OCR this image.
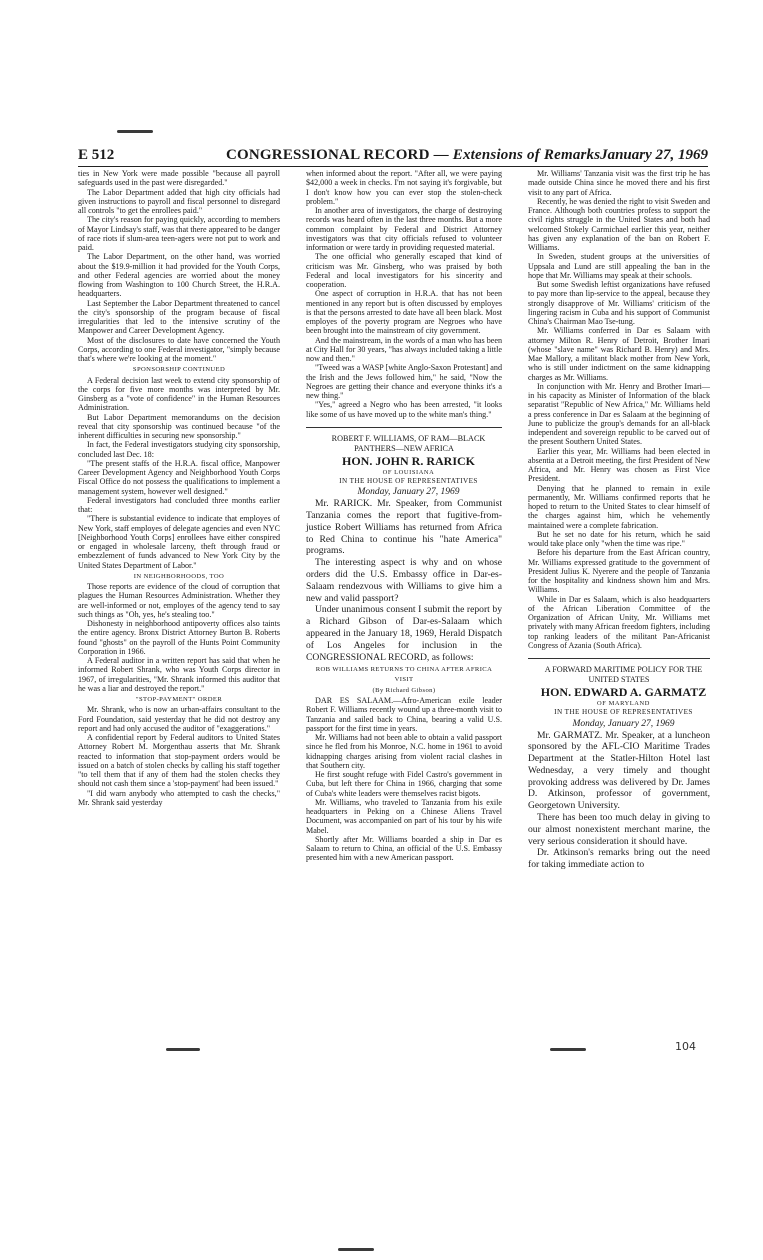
E 512	CONGRESSIONAL RECORD — Extensions of Remarks January 27, 1969

ties in New York were made possible "because all payroll safeguards used in the past were disregarded."

The Labor Department added that high city officials had given instructions to payroll and fiscal personnel to disregard all controls "to get the enrollees paid."

The city's reason for paying quickly, according to members of Mayor Lindsay's staff, was that there appeared to be danger of race riots if slum-area teen-agers were not put to work and paid.

The Labor Department, on the other hand, was worried about the $19.9-million it had provided for the Youth Corps, and other Federal agencies are worried about the money flowing from Washington to 100 Church Street, the H.R.A. headquarters.

Last September the Labor Department threatened to cancel the city's sponsorship of the program because of fiscal irregularities that led to the intensive scrutiny of the Manpower and Career Development Agency.

Most of the disclosures to date have concerned the Youth Corps, according to one Federal investigator, "simply because that's where we're looking at the moment."

SPONSORSHIP CONTINUED

A Federal decision last week to extend city sponsorship of the corps for five more months was interpreted by Mr. Ginsberg as a "vote of confidence" in the Human Resources Administration.

But Labor Department memorandums on the decision reveal that city sponsorship was continued because "of the inherent difficulties in securing new sponsorship."

In fact, the Federal investigators studying city sponsorship, concluded last Dec. 18:

"The present staffs of the H.R.A. fiscal office, Manpower Career Development Agency and Neighborhood Youth Corps Fiscal Office do not possess the qualifications to implement a management system, however well designed."

Federal investigators had concluded three months earlier that:

"There is substantial evidence to indicate that employes of New York, staff employes of delegate agencies and even NYC [Neighborhood Youth Corps] enrollees have either conspired or engaged in wholesale larceny, theft through fraud or embezzlement of funds advanced to New York City by the United States Department of Labor."

IN NEIGHBORHOODS, TOO

Those reports are evidence of the cloud of corruption that plagues the Human Resources Administration. Whether they are well-informed or not, employes of the agency tend to say such things as "Oh, yes, he's stealing too."

Dishonesty in neighborhood antipoverty offices also taints the entire agency. Bronx District Attorney Burton B. Roberts found "ghosts" on the payroll of the Hunts Point Community Corporation in 1966.

A Federal auditor in a written report has said that when he informed Robert Shrank, who was Youth Corps director in 1967, of irregularities, "Mr. Shrank informed this auditor that he was a liar and destroyed the report."

"STOP-PAYMENT" ORDER

Mr. Shrank, who is now an urban-affairs consultant to the Ford Foundation, said yesterday that he did not destroy any report and had only accused the auditor of "exaggerations."

A confidential report by Federal auditors to United States Attorney Robert M. Morgenthau asserts that Mr. Shrank reacted to information that stop-payment orders would be issued on a batch of stolen checks by calling his staff together "to tell them that if any of them had the stolen checks they should not cash them since a 'stop-payment' had been issued."

"I did warn anybody who attempted to cash the checks," Mr. Shrank said yesterday

when informed about the report. "After all, we were paying $42,000 a week in checks. I'm not saying it's forgivable, but I don't know how you can ever stop the stolen-check problem."

In another area of investigators, the charge of destroying records was heard often in the last three months. But a more common complaint by Federal and District Attorney investigators was that city officials refused to volunteer information or were tardy in providing requested material.

The one official who generally escaped that kind of criticism was Mr. Ginsberg, who was praised by both Federal and local investigators for his sincerity and cooperation.

One aspect of corruption in H.R.A. that has not been mentioned in any report but is often discussed by employes is that the persons arrested to date have all been black. Most employes of the poverty program are Negroes who have been brought into the mainstream of city government.

And the mainstream, in the words of a man who has been at City Hall for 30 years, "has always included taking a little now and then."

"Tweed was a WASP [white Anglo-Saxon Protestant] and the Irish and the Jews followed him," he said, "Now the Negroes are getting their chance and everyone thinks it's a new thing."

"Yes," agreed a Negro who has been arrested, "it looks like some of us have moved up to the white man's thing."

ROBERT F. WILLIAMS, OF RAM—BLACK PANTHERS—NEW AFRICA

HON. JOHN R. RARICK

OF LOUISIANA

IN THE HOUSE OF REPRESENTATIVES

Monday, January 27, 1969

Mr. RARICK. Mr. Speaker, from Communist Tanzania comes the report that fugitive-from-justice Robert Williams has returned from Africa to Red China to continue his "hate America" programs.

The interesting aspect is why and on whose orders did the U.S. Embassy office in Dar-es-Salaam rendezvous with Williams to give him a new and valid passport?

Under unanimous consent I submit the report by a Richard Gibson of Dar-es-Salaam which appeared in the January 18, 1969, Herald Dispatch of Los Angeles for inclusion in the CONGRESSIONAL RECORD, as follows:

ROB WILLIAMS RETURNS TO CHINA AFTER AFRICA VISIT

(By Richard Gibson)

DAR ES SALAAM.—Afro-American exile leader Robert F. Williams recently wound up a three-month visit to Tanzania and sailed back to China, bearing a valid U.S. passport for the first time in years.

Mr. Williams had not been able to obtain a valid passport since he fled from his Monroe, N.C. home in 1961 to avoid kidnapping charges arising from violent racial clashes in that Southern city.

He first sought refuge with Fidel Castro's government in Cuba, but left there for China in 1966, charging that some of Cuba's white leaders were themselves racist bigots.

Mr. Williams, who traveled to Tanzania from his exile headquarters in Peking on a Chinese Aliens Travel Document, was accompanied on part of his tour by his wife Mabel.

Shortly after Mr. Williams boarded a ship in Dar es Salaam to return to China, an official of the U.S. Embassy presented him with a new American passport.

Mr. Williams' Tanzania visit was the first trip he has made outside China since he moved there and his first visit to any part of Africa.

Recently, he was denied the right to visit Sweden and France. Although both countries profess to support the civil rights struggle in the United States and both had welcomed Stokely Carmichael earlier this year, neither has given any explanation of the ban on Robert F. Williams.

In Sweden, student groups at the universities of Uppsala and Lund are still appealing the ban in the hope that Mr. Williams may speak at their schools.

But some Swedish leftist organizations have refused to pay more than lip-service to the appeal, because they strongly disapprove of Mr. Williams' criticism of the lingering racism in Cuba and his support of Communist China's Chairman Mao Tse-tung.

Mr. Williams conferred in Dar es Salaam with attorney Milton R. Henry of Detroit, Brother Imari (whose "slave name" was Richard B. Henry) and Mrs. Mae Mallory, a militant black mother from New York, who is still under indictment on the same kidnapping charges as Mr. Williams.

In conjunction with Mr. Henry and Brother Imari—in his capacity as Minister of Information of the black separatist "Republic of New Africa," Mr. Williams held a press conference in Dar es Salaam at the beginning of June to publicize the group's demands for an all-black independent and sovereign republic to be carved out of the present Southern United States.

Earlier this year, Mr. Williams had been elected in absentia at a Detroit meeting, the first President of New Africa, and Mr. Henry was chosen as First Vice President.

Denying that he planned to remain in exile permanently, Mr. Williams confirmed reports that he hoped to return to the United States to clear himself of the charges against him, which he vehemently maintained were a complete fabrication.

But he set no date for his return, which he said would take place only "when the time was ripe."

Before his departure from the East African country, Mr. Williams expressed gratitude to the government of President Julius K. Nyerere and the people of Tanzania for the hospitality and kindness shown him and Mrs. Williams.

While in Dar es Salaam, which is also headquarters of the African Liberation Committee of the Organization of African Unity, Mr. Williams met privately with many African freedom fighters, including top ranking leaders of the militant Pan-Africanist Congress of Azania (South Africa).

A FORWARD MARITIME POLICY FOR THE UNITED STATES

HON. EDWARD A. GARMATZ

OF MARYLAND

IN THE HOUSE OF REPRESENTATIVES

Monday, January 27, 1969

Mr. GARMATZ. Mr. Speaker, at a luncheon sponsored by the AFL-CIO Maritime Trades Department at the Statler-Hilton Hotel last Wednesday, a very timely and thought provoking address was delivered by Dr. James D. Atkinson, professor of government, Georgetown University.

There has been too much delay in giving to our almost nonexistent merchant marine, the very serious consideration it should have.

Dr. Atkinson's remarks bring out the need for taking immediate action to

104
